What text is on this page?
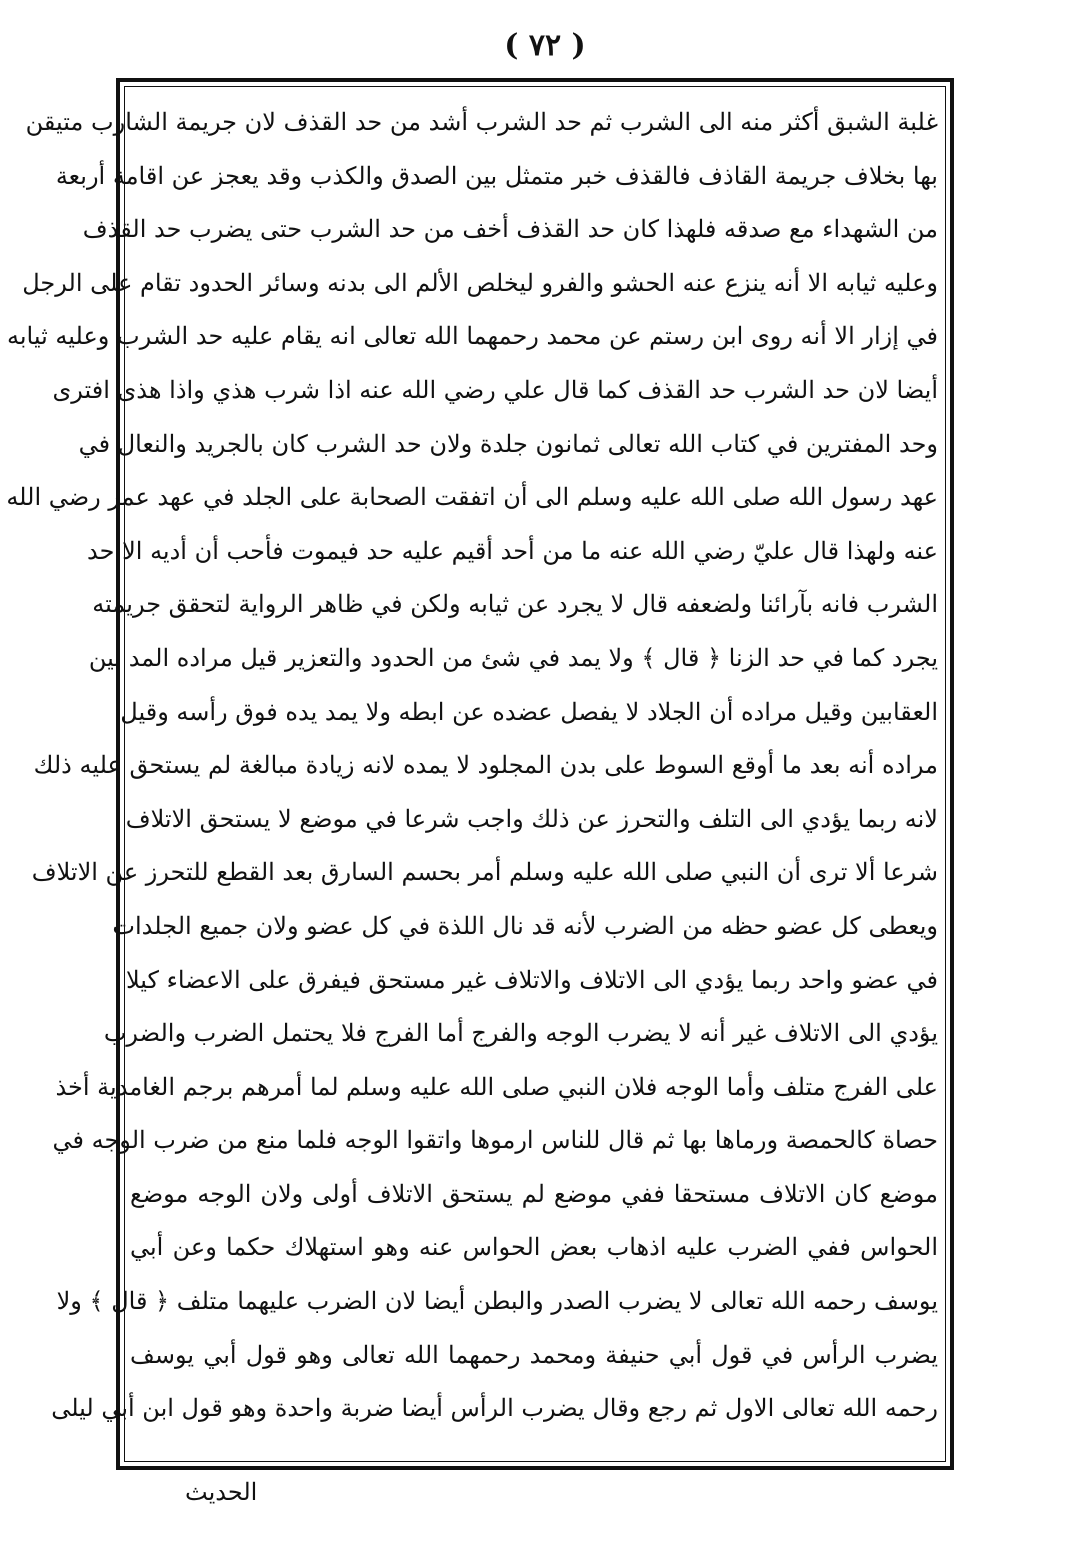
( ٧٢ )
غلبة الشبق أكثر منه الى الشرب ثم حد الشرب أشد من حد القذف لان جريمة الشارب متيقن
بها بخلاف جريمة القاذف فالقذف خبر متمثل بين الصدق والكذب وقد يعجز عن اقامة أربعة
من الشهداء مع صدقه فلهذا كان حد القذف أخف من حد الشرب حتى يضرب حد القذف
وعليه ثيابه الا أنه ينزع عنه الحشو والفرو ليخلص الألم الى بدنه وسائر الحدود تقام على الرجل
في إزار الا أنه روى ابن رستم عن محمد رحمهما الله تعالى انه يقام عليه حد الشرب وعليه ثيابه
أيضا لان حد الشرب حد القذف كما قال علي رضي الله عنه اذا شرب هذي واذا هذى افترى
وحد المفترين في كتاب الله تعالى ثمانون جلدة ولان حد الشرب كان بالجريد والنعال في
عهد رسول الله صلى الله عليه وسلم الى أن اتفقت الصحابة على الجلد في عهد عمر رضي الله
عنه ولهذا قال عليّ رضي الله عنه ما من أحد أقيم عليه حد فيموت فأحب أن أديه الا حد
الشرب فانه بآرائنا ولضعفه قال لا يجرد عن ثيابه ولكن في ظاهر الرواية لتحقق جريمته
يجرد كما في حد الزنا ﴿ قال ﴾ ولا يمد في شئ من الحدود والتعزير قيل مراده المد بين
العقابين وقيل مراده أن الجلاد لا يفصل عضده عن ابطه ولا يمد يده فوق رأسه وقيل
مراده أنه بعد ما أوقع السوط على بدن المجلود لا يمده لانه زيادة مبالغة لم يستحق عليه ذلك
لانه ربما يؤدي الى التلف والتحرز عن ذلك واجب شرعا في موضع لا يستحق الاتلاف
شرعا ألا ترى أن النبي صلى الله عليه وسلم أمر بحسم السارق بعد القطع للتحرز عن الاتلاف
ويعطى كل عضو حظه من الضرب لأنه قد نال اللذة في كل عضو ولان جميع الجلدات
في عضو واحد ربما يؤدي الى الاتلاف والاتلاف غير مستحق فيفرق على الاعضاء كيلا
يؤدي الى الاتلاف غير أنه لا يضرب الوجه والفرج أما الفرج فلا يحتمل الضرب والضرب
على الفرج متلف وأما الوجه فلان النبي صلى الله عليه وسلم لما أمرهم برجم الغامدية أخذ
حصاة كالحمصة ورماها بها ثم قال للناس ارموها واتقوا الوجه فلما منع من ضرب الوجه في
موضع كان الاتلاف مستحقا ففي موضع لم يستحق الاتلاف أولى ولان الوجه موضع
الحواس ففي الضرب عليه اذهاب بعض الحواس عنه وهو استهلاك حكما وعن أبي
يوسف رحمه الله تعالى لا يضرب الصدر والبطن أيضا لان الضرب عليهما متلف ﴿ قال ﴾ ولا
يضرب الرأس في قول أبي حنيفة ومحمد رحمهما الله تعالى وهو قول أبي يوسف
رحمه الله تعالى الاول ثم رجع وقال يضرب الرأس أيضا ضربة واحدة وهو قول ابن أبي ليلى
الحديث
